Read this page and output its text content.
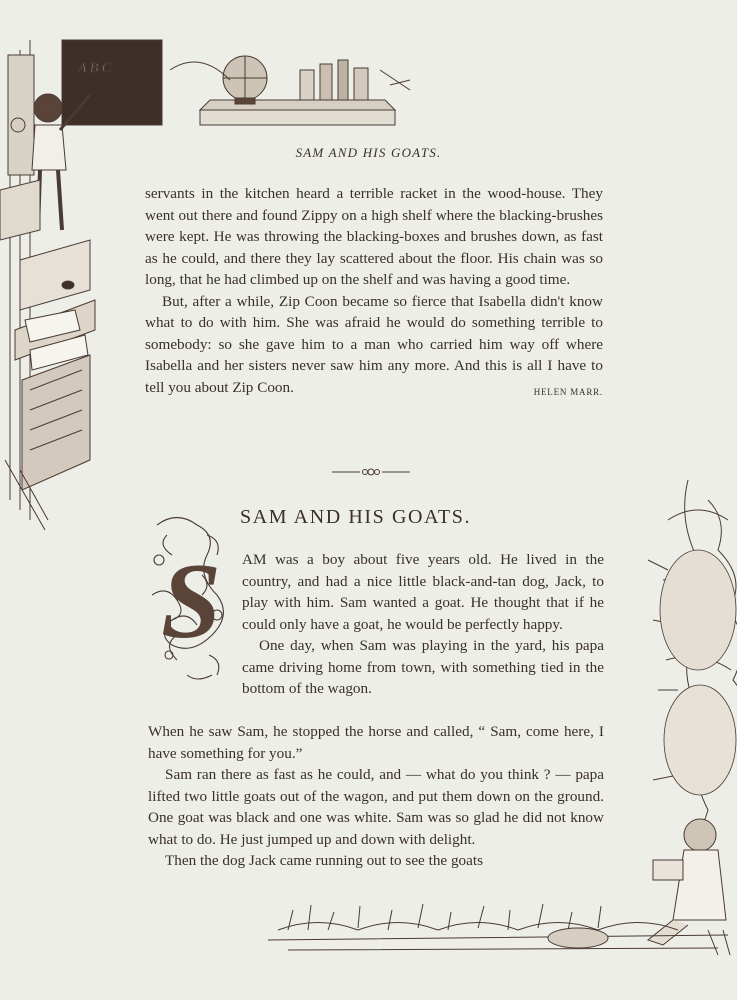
A B C
SAM AND HIS GOATS.

servants in the kitchen heard a terrible racket in the wood-house. They went out there and found Zippy on a high shelf where the blacking-brushes were kept. He was throwing the blacking-boxes and brushes down, as fast as he could, and there they lay scattered about the floor. His chain was so long, that he had climbed up on the shelf and was having a good time.

But, after a while, Zip Coon became so fierce that Isabella didn't know what to do with him. She was afraid he would do something terrible to somebody: so she gave him to a man who carried him way off where Isabella and her sisters never saw him any more. And this is all I have to tell you about Zip Coon.	HELEN MARR.

SAM AND HIS GOATS.
S AM was a boy about five years old. He lived in the country, and had a nice little black-and-tan dog, Jack, to play with him. Sam wanted a goat. He thought that if he could only have a goat, he would be perfectly happy.

One day, when Sam was playing in the yard, his papa came driving home from town, with something tied in the bottom of the wagon.

When he saw Sam, he stopped the horse and called, “ Sam, come here, I have something for you.”

Sam ran there as fast as he could, and — what do you think ? — papa lifted two little goats out of the wagon, and put them down on the ground. One goat was black and one was white. Sam was so glad he did not know what to do. He just jumped up and down with delight.

Then the dog Jack came running out to see the goats
